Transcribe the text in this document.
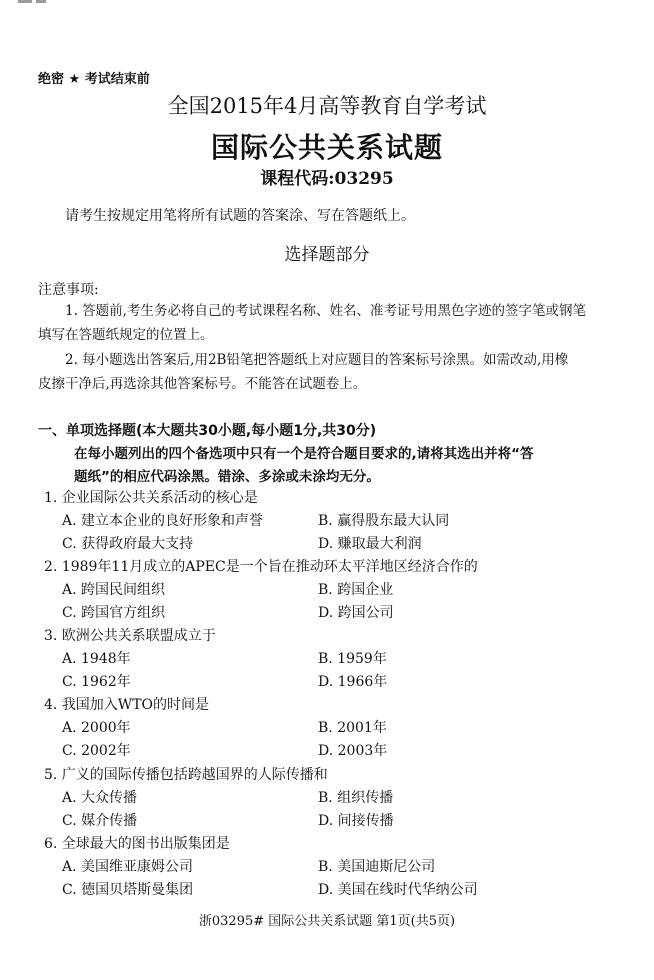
绝密 ★ 考试结束前
全国2015年4月高等教育自学考试
国际公共关系试题
课程代码:03295
请考生按规定用笔将所有试题的答案涂、写在答题纸上。
选择题部分
注意事项:
1. 答题前,考生务必将自己的考试课程名称、姓名、准考证号用黑色字迹的签字笔或钢笔
填写在答题纸规定的位置上。
2. 每小题选出答案后,用2B铅笔把答题纸上对应题目的答案标号涂黑。如需改动,用橡
皮擦干净后,再选涂其他答案标号。不能答在试题卷上。
一、单项选择题(本大题共30小题,每小题1分,共30分)
在每小题列出的四个备选项中只有一个是符合题目要求的,请将其选出并将“答
题纸”的相应代码涂黑。错涂、多涂或未涂均无分。
1. 企业国际公共关系活动的核心是
A. 建立本企业的良好形象和声誉	B. 赢得股东最大认同
C. 获得政府最大支持	D. 赚取最大利润
2. 1989年11月成立的APEC是一个旨在推动环太平洋地区经济合作的
A. 跨国民间组织	B. 跨国企业
C. 跨国官方组织	D. 跨国公司
3. 欧洲公共关系联盟成立于
A. 1948年	B. 1959年
C. 1962年	D. 1966年
4. 我国加入WTO的时间是
A. 2000年	B. 2001年
C. 2002年	D. 2003年
5. 广义的国际传播包括跨越国界的人际传播和
A. 大众传播	B. 组织传播
C. 媒介传播	D. 间接传播
6. 全球最大的图书出版集团是
A. 美国维亚康姆公司	B. 美国迪斯尼公司
C. 德国贝塔斯曼集团	D. 美国在线时代华纳公司
浙03295# 国际公共关系试题 第1页(共5页)
